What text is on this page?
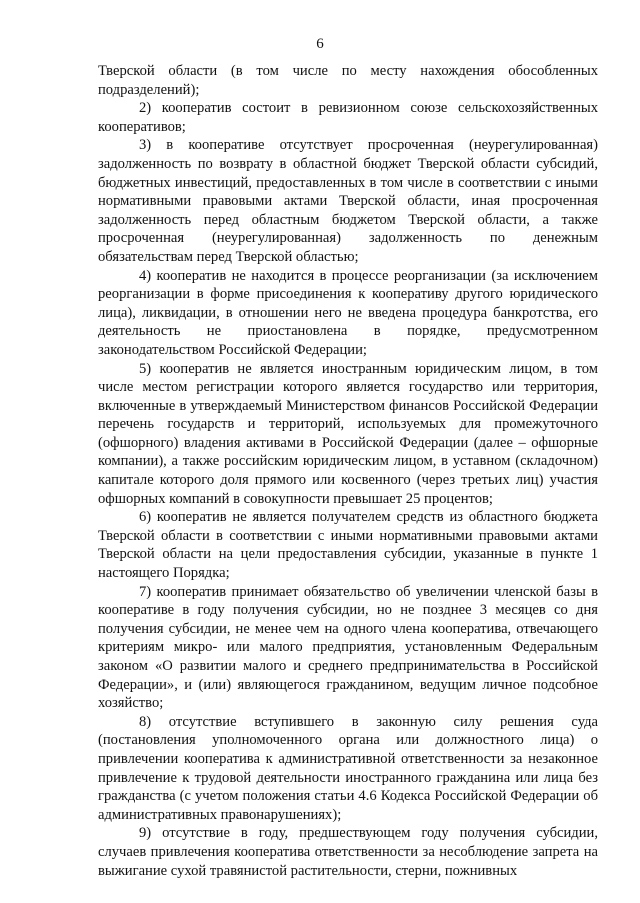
6

Тверской области (в том числе по месту нахождения обособленных подразделений);

2) кооператив состоит в ревизионном союзе сельскохозяйственных кооперативов;

3) в кооперативе отсутствует просроченная (неурегулированная) задолженность по возврату в областной бюджет Тверской области субсидий, бюджетных инвестиций, предоставленных в том числе в соответствии с иными нормативными правовыми актами Тверской области, иная просроченная задолженность перед областным бюджетом Тверской области, а также просроченная (неурегулированная) задолженность по денежным обязательствам перед Тверской областью;

4) кооператив не находится в процессе реорганизации (за исключением реорганизации в форме присоединения к кооперативу другого юридического лица), ликвидации, в отношении него не введена процедура банкротства, его деятельность не приостановлена в порядке, предусмотренном законодательством Российской Федерации;

5) кооператив не является иностранным юридическим лицом, в том числе местом регистрации которого является государство или территория, включенные в утверждаемый Министерством финансов Российской Федерации перечень государств и территорий, используемых для промежуточного (офшорного) владения активами в Российской Федерации (далее – офшорные компании), а также российским юридическим лицом, в уставном (складочном) капитале которого доля прямого или косвенного (через третьих лиц) участия офшорных компаний в совокупности превышает 25 процентов;

6) кооператив не является получателем средств из областного бюджета Тверской области в соответствии с иными нормативными правовыми актами Тверской области на цели предоставления субсидии, указанные в пункте 1 настоящего Порядка;

7) кооператив принимает обязательство об увеличении членской базы в кооперативе в году получения субсидии, но не позднее 3 месяцев со дня получения субсидии, не менее чем на одного члена кооператива, отвечающего критериям микро- или малого предприятия, установленным Федеральным законом «О развитии малого и среднего предпринимательства в Российской Федерации», и (или) являющегося гражданином, ведущим личное подсобное хозяйство;

8) отсутствие вступившего в законную силу решения суда (постановления уполномоченного органа или должностного лица) о привлечении кооператива к административной ответственности за незаконное привлечение к трудовой деятельности иностранного гражданина или лица без гражданства (с учетом положения статьи 4.6 Кодекса Российской Федерации об административных правонарушениях);

9) отсутствие в году, предшествующем году получения субсидии, случаев привлечения кооператива ответственности за несоблюдение запрета на выжигание сухой травянистой растительности, стерни, пожнивных
